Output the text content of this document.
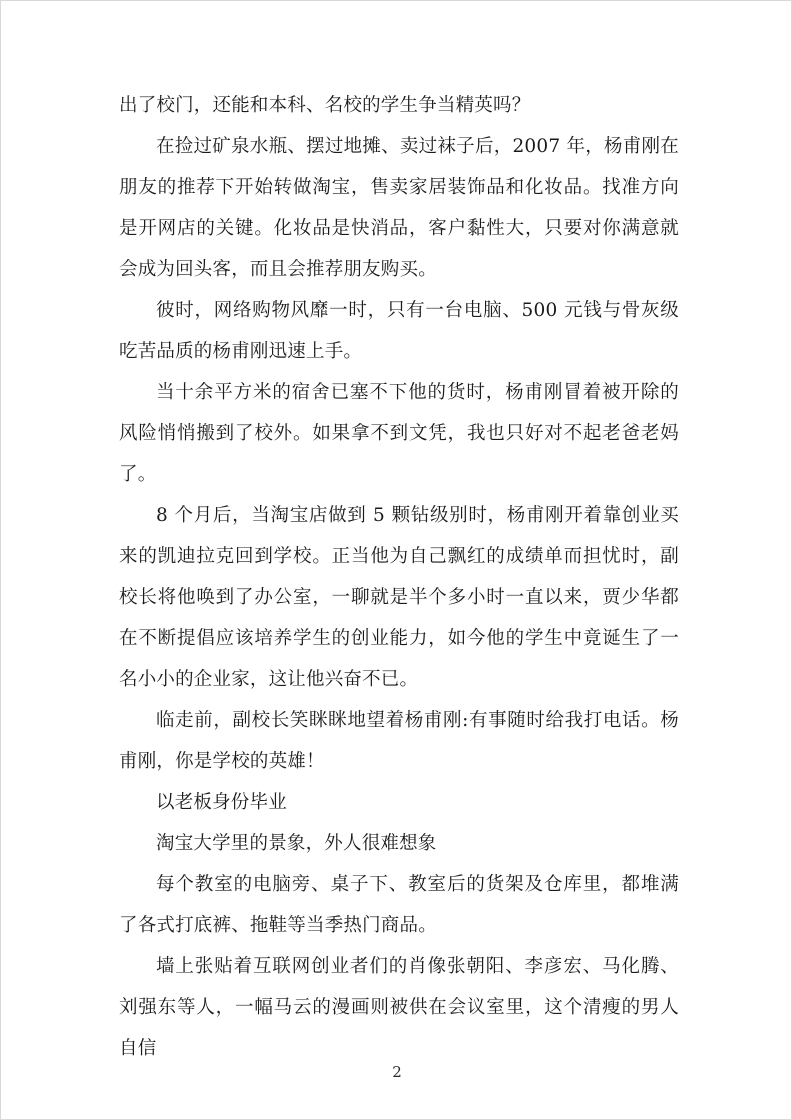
出了校门，还能和本科、名校的学生争当精英吗？

在捡过矿泉水瓶、摆过地摊、卖过袜子后，2007 年，杨甫刚在朋友的推荐下开始转做淘宝，售卖家居装饰品和化妆品。找准方向是开网店的关键。化妆品是快消品，客户黏性大，只要对你满意就会成为回头客，而且会推荐朋友购买。

彼时，网络购物风靡一时，只有一台电脑、500 元钱与骨灰级吃苦品质的杨甫刚迅速上手。

当十余平方米的宿舍已塞不下他的货时，杨甫刚冒着被开除的风险悄悄搬到了校外。如果拿不到文凭，我也只好对不起老爸老妈了。

8 个月后，当淘宝店做到 5 颗钻级别时，杨甫刚开着靠创业买来的凯迪拉克回到学校。正当他为自己飘红的成绩单而担忧时，副校长将他唤到了办公室，一聊就是半个多小时一直以来，贾少华都在不断提倡应该培养学生的创业能力，如今他的学生中竟诞生了一名小小的企业家，这让他兴奋不已。

临走前，副校长笑眯眯地望着杨甫刚:有事随时给我打电话。杨甫刚，你是学校的英雄！

以老板身份毕业

淘宝大学里的景象，外人很难想象

每个教室的电脑旁、桌子下、教室后的货架及仓库里，都堆满了各式打底裤、拖鞋等当季热门商品。

墙上张贴着互联网创业者们的肖像张朝阳、李彦宏、马化腾、刘强东等人，一幅马云的漫画则被供在会议室里，这个清瘦的男人自信

2
